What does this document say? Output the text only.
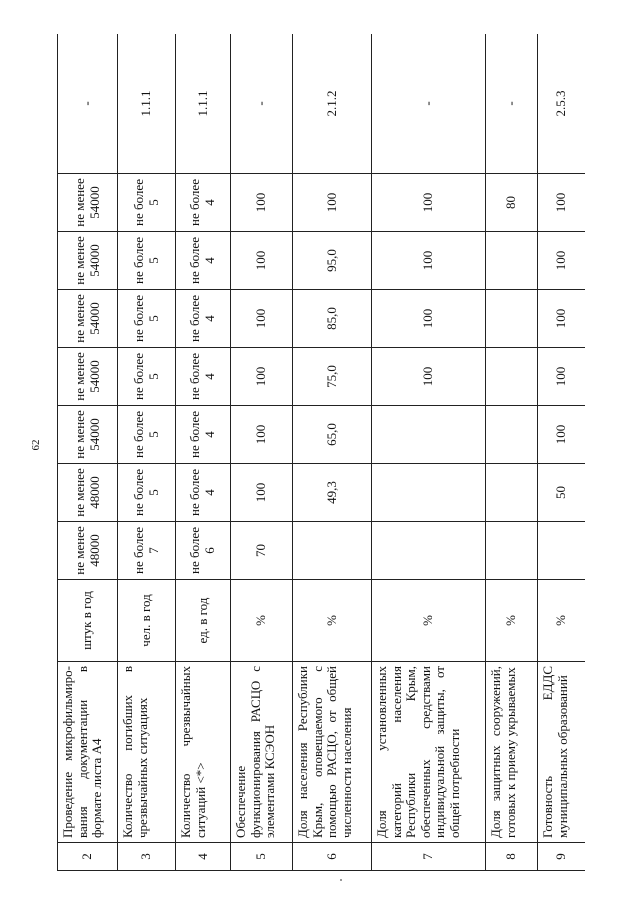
62
2	Проведение микрофильмиро-вания документации в формате листа А4	штук в год	не менее 48000	не менее 48000	не менее 54000	не менее 54000	не менее 54000	не менее 54000	не менее 54000	-
3	Количество погибших в чрезвычайных ситуациях	чел. в год	не более 7	не более 5	не более 5	не более 5	не более 5	не более 5	не более 5	1.1.1
4	Количество чрезвычайных ситуаций <*>	ед. в год	не более 6	не более 4	не более 4	не более 4	не более 4	не более 4	не более 4	1.1.1
5	Обеспечение функционирования РАСЦО с элементами КСЭОН	%	70	100	100	100	100	100	100	-
6	Доля населения Республики Крым, оповещаемого с помощью РАСЦО, от общей численности населения	%		49,3	65,0	75,0	85,0	95,0	100	2.1.2
7	Доля установленных категорий населения Республики Крым, обеспеченных средствами индивидуальной защиты, от общей потребности	%				100	100	100	100	-
8	Доля защитных сооружений, готовых к приему укрываемых	%							80	-
9	Готовность ЕДДС муниципальных образований	%		50	100	100	100	100	100	2.5.3
